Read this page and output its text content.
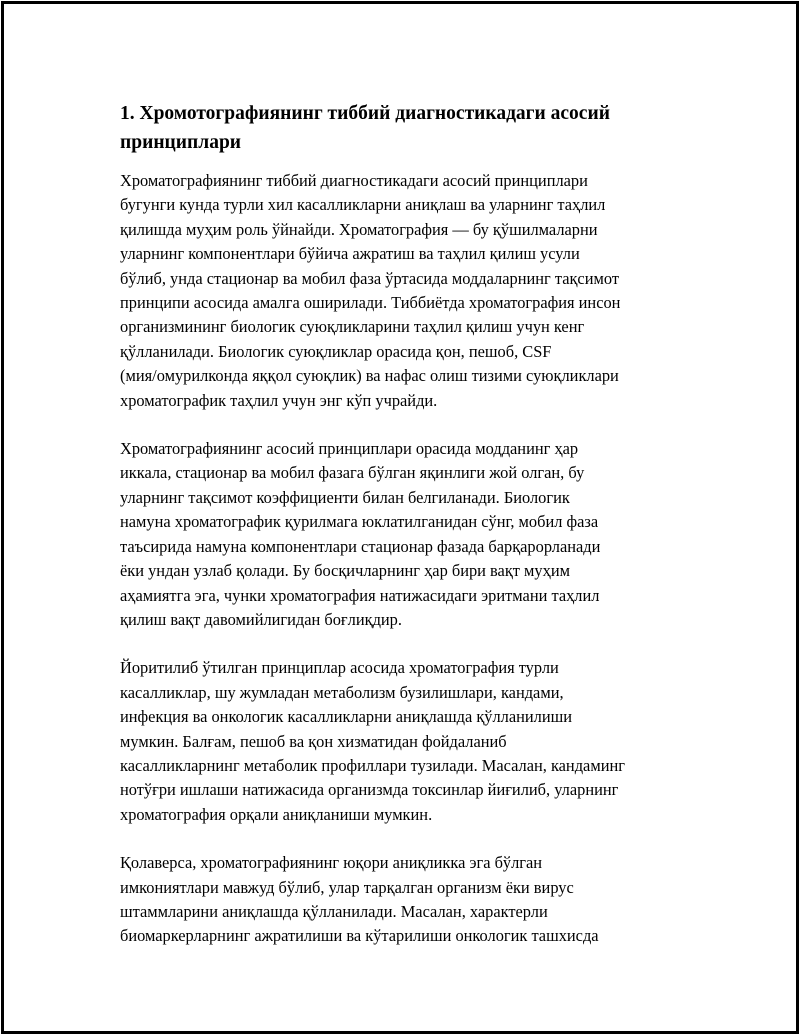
1. Хромотографиянинг тиббий диагностикадаги асосий
принциплари

Хроматографиянинг тиббий диагностикадаги асосий принциплари
бугунги кунда турли хил касалликларни аниқлаш ва уларнинг таҳлил
қилишда муҳим роль ўйнайди. Хроматография — бу қўшилмаларни
уларнинг компонентлари бўйича ажратиш ва таҳлил қилиш усули
бўлиб, унда стационар ва мобил фаза ўртасида моддаларнинг тақсимот
принципи асосида амалга оширилади. Тиббиётда хроматография инсон
организмининг биологик суюқликларини таҳлил қилиш учун кенг
қўлланилади. Биологик суюқликлар орасида қон, пешоб, CSF
(мия/омурилконда яққол суюқлик) ва нафас олиш тизими суюқликлари
хроматографик таҳлил учун энг кўп учрайди.

Хроматографиянинг асосий принциплари орасида модданинг ҳар
иккала, стационар ва мобил фазага бўлган яқинлиги жой олган, бу
уларнинг тақсимот коэффициенти билан белгиланади. Биологик
намуна хроматографик қурилмага юклатилганидан сўнг, мобил фаза
таъсирида намуна компонентлари стационар фазада барқарорланади
ёки ундан узлаб қолади. Бу босқичларнинг ҳар бири вақт муҳим
аҳамиятга эга, чунки хроматография натижасидаги эритмани таҳлил
қилиш вақт давомийлигидан боғлиқдир.

Йоритилиб ўтилган принциплар асосида хроматография турли
касалликлар, шу жумладан метаболизм бузилишлари, кандами,
инфекция ва онкологик касалликларни аниқлашда қўлланилиши
мумкин. Балғам, пешоб ва қон хизматидан фойдаланиб
касалликларнинг метаболик профиллари тузилади. Масалан, кандаминг
нотўғри ишлаши натижасида организмда токсинлар йиғилиб, уларнинг
хроматография орқали аниқланиши мумкин.

Қолаверса, хроматографиянинг юқори аниқликка эга бўлган
имкониятлари мавжуд бўлиб, улар тарқалган организм ёки вирус
штаммларини аниқлашда қўлланилади. Масалан, характерли
биомаркерларнинг ажратилиши ва кўтарилиши онкологик ташхисда
